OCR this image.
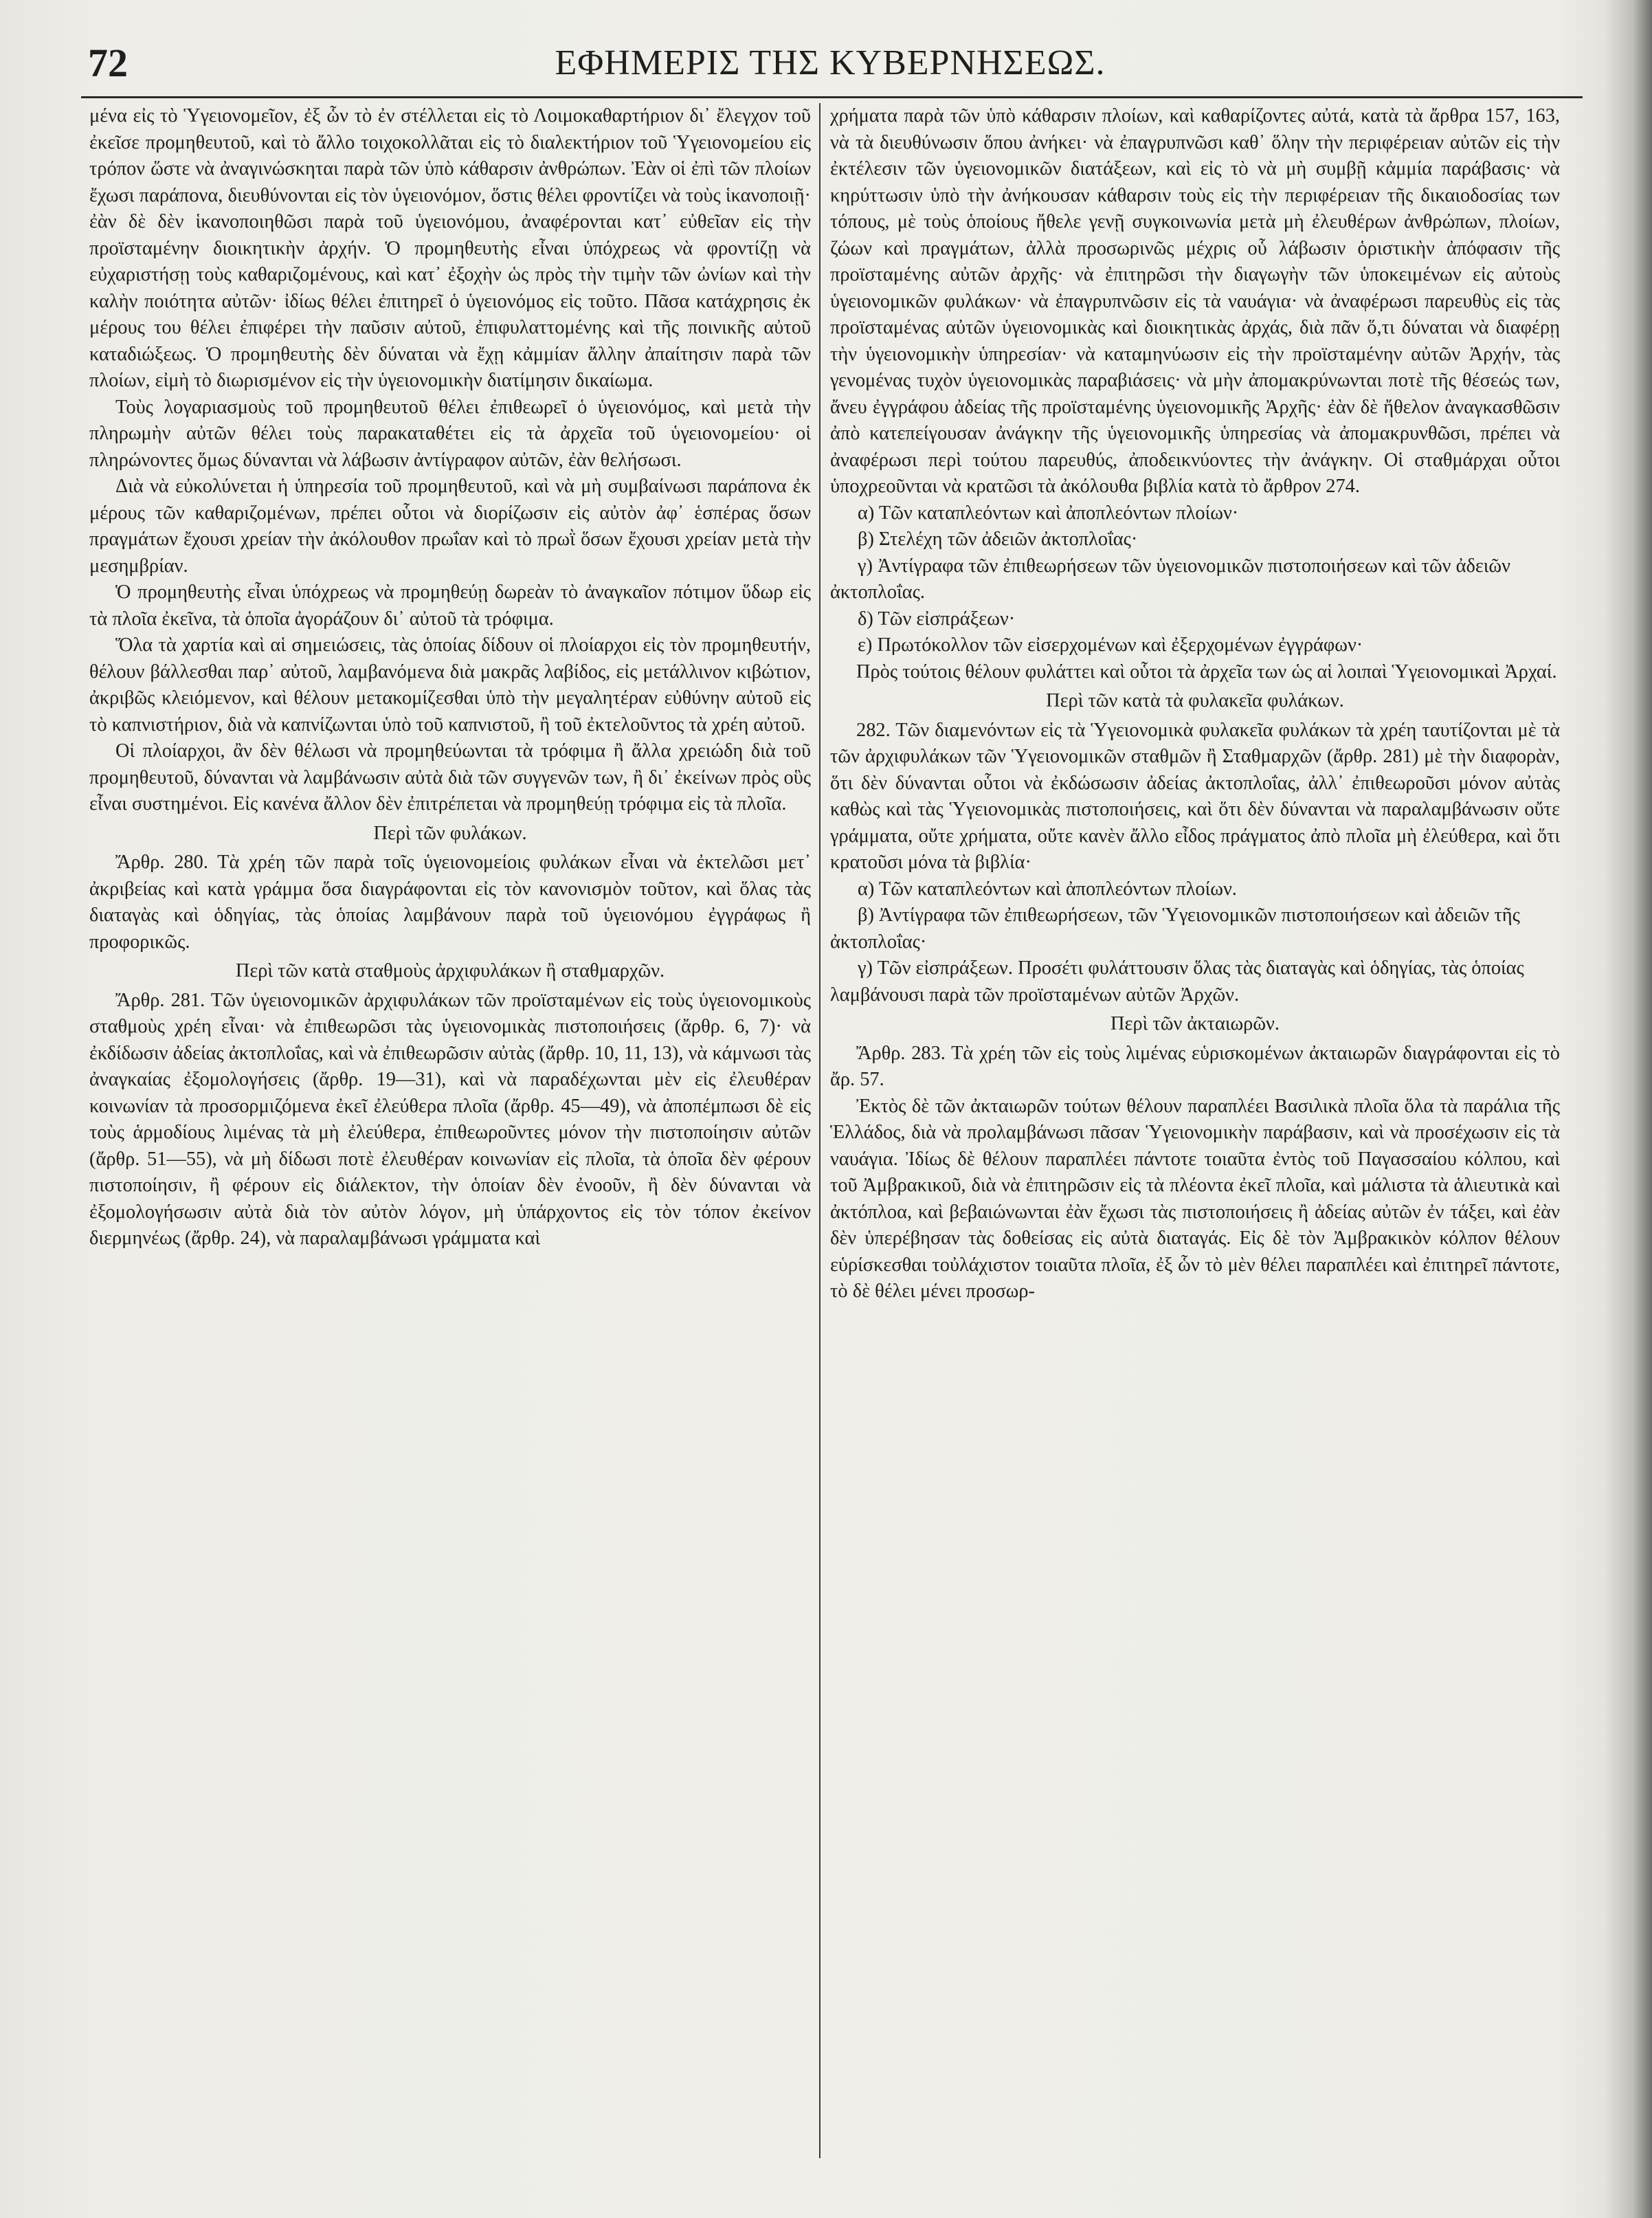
72	ΕΦΗΜΕΡΙΣ ΤΗΣ ΚΥΒΕΡΝΗΣΕΩΣ.

μένα εἰς τὸ Ὑγειονομεῖον, ἐξ ὧν τὸ ἐν στέλλεται εἰς τὸ Λοιμοκαθαρτήριον δι᾽ ἔλεγχον τοῦ ἐκεῖσε προμηθευτοῦ, καὶ τὸ ἄλλο τοιχοκολλᾶται εἰς τὸ διαλεκτήριον τοῦ Ὑγειονομείου εἰς τρόπον ὥστε νὰ ἀναγινώσκηται παρὰ τῶν ὑπὸ κάθαρσιν ἀνθρώπων. Ἐὰν οἱ ἐπὶ τῶν πλοίων ἔχωσι παράπονα, διευθύνονται εἰς τὸν ὑγειονόμον, ὅστις θέλει φροντίζει νὰ τοὺς ἱκανοποιῇ· ἐὰν δὲ δὲν ἱκανοποιηθῶσι παρὰ τοῦ ὑγειονόμου, ἀναφέρονται κατ᾽ εὐθεῖαν εἰς τὴν προϊσταμένην διοικητικὴν ἀρχήν. Ὁ προμηθευτὴς εἶναι ὑπόχρεως νὰ φροντίζῃ νὰ εὐχαριστήσῃ τοὺς καθαριζομένους, καὶ κατ᾽ ἐξοχὴν ὡς πρὸς τὴν τιμὴν τῶν ὠνίων καὶ τὴν καλὴν ποιότητα αὐτῶν· ἰδίως θέλει ἐπιτηρεῖ ὁ ὑγειονόμος εἰς τοῦτο. Πᾶσα κατάχρησις ἐκ μέρους του θέλει ἐπιφέρει τὴν παῦσιν αὐτοῦ, ἐπιφυλαττομένης καὶ τῆς ποινικῆς αὐτοῦ καταδιώξεως. Ὁ προμηθευτὴς δὲν δύναται νὰ ἔχῃ κἀμμίαν ἄλλην ἀπαίτησιν παρὰ τῶν πλοίων, εἰμὴ τὸ διωρισμένον εἰς τὴν ὑγειονομικὴν διατίμησιν δικαίωμα.

Τοὺς λογαριασμοὺς τοῦ προμηθευτοῦ θέλει ἐπιθεωρεῖ ὁ ὑγειονόμος, καὶ μετὰ τὴν πληρωμὴν αὐτῶν θέλει τοὺς παρακαταθέτει εἰς τὰ ἀρχεῖα τοῦ ὑγειονομείου· οἱ πληρώνοντες ὅμως δύνανται νὰ λάβωσιν ἀντίγραφον αὐτῶν, ἐὰν θελήσωσι.

Διὰ νὰ εὐκολύνεται ἡ ὑπηρεσία τοῦ προμηθευτοῦ, καὶ νὰ μὴ συμβαίνωσι παράπονα ἐκ μέρους τῶν καθαριζομένων, πρέπει οὗτοι νὰ διορίζωσιν εἰς αὐτὸν ἀφ᾽ ἑσπέρας ὅσων πραγμάτων ἔχουσι χρείαν τὴν ἀκόλουθον πρωΐαν καὶ τὸ πρωῒ ὅσων ἔχουσι χρείαν μετὰ τὴν μεσημβρίαν.

Ὁ προμηθευτὴς εἶναι ὑπόχρεως νὰ προμηθεύῃ δωρεὰν τὸ ἀναγκαῖον πότιμον ὕδωρ εἰς τὰ πλοῖα ἐκεῖνα, τὰ ὁποῖα ἀγοράζουν δι᾽ αὐτοῦ τὰ τρόφιμα.

Ὅλα τὰ χαρτία καὶ αἱ σημειώσεις, τὰς ὁποίας δίδουν οἱ πλοίαρχοι εἰς τὸν προμηθευτήν, θέλουν βάλλεσθαι παρ᾽ αὐτοῦ, λαμβανόμενα διὰ μακρᾶς λαβίδος, εἰς μετάλλινον κιβώτιον, ἀκριβῶς κλειόμενον, καὶ θέλουν μετακομίζεσθαι ὑπὸ τὴν μεγαλητέραν εὐθύνην αὐτοῦ εἰς τὸ καπνιστήριον, διὰ νὰ καπνίζωνται ὑπὸ τοῦ καπνιστοῦ, ἢ τοῦ ἐκτελοῦντος τὰ χρέη αὐτοῦ.

Οἱ πλοίαρχοι, ἂν δὲν θέλωσι νὰ προμηθεύωνται τὰ τρόφιμα ἢ ἄλλα χρειώδη διὰ τοῦ προμηθευτοῦ, δύνανται νὰ λαμβάνωσιν αὐτὰ διὰ τῶν συγγενῶν των, ἢ δι᾽ ἐκείνων πρὸς οὓς εἶναι συστημένοι. Εἰς κανένα ἄλλον δὲν ἐπιτρέπεται νὰ προμηθεύῃ τρόφιμα εἰς τὰ πλοῖα.

Περὶ τῶν φυλάκων.

Ἄρθρ. 280. Τὰ χρέη τῶν παρὰ τοῖς ὑγειονομείοις φυλάκων εἶναι νὰ ἐκτελῶσι μετ᾽ ἀκριβείας καὶ κατὰ γράμμα ὅσα διαγράφονται εἰς τὸν κανονισμὸν τοῦτον, καὶ ὅλας τὰς διαταγὰς καὶ ὁδηγίας, τὰς ὁποίας λαμβάνουν παρὰ τοῦ ὑγειονόμου ἐγγράφως ἢ προφορικῶς.

Περὶ τῶν κατὰ σταθμοὺς ἀρχιφυλάκων ἢ σταθμαρχῶν.

Ἄρθρ. 281. Τῶν ὑγειονομικῶν ἀρχιφυλάκων τῶν προϊσταμένων εἰς τοὺς ὑγειονομικοὺς σταθμοὺς χρέη εἶναι· νὰ ἐπιθεωρῶσι τὰς ὑγειονομικὰς πιστοποιήσεις (ἄρθρ. 6, 7)· νὰ ἐκδίδωσιν ἀδείας ἀκτοπλοΐας, καὶ νὰ ἐπιθεωρῶσιν αὐτὰς (ἄρθρ. 10, 11, 13), νὰ κάμνωσι τὰς ἀναγκαίας ἐξομολογήσεις (ἄρθρ. 19—31), καὶ νὰ παραδέχωνται μὲν εἰς ἐλευθέραν κοινωνίαν τὰ προσορμιζόμενα ἐκεῖ ἐλεύθερα πλοῖα (ἄρθρ. 45—49), νὰ ἀποπέμπωσι δὲ εἰς τοὺς ἁρμοδίους λιμένας τὰ μὴ ἐλεύθερα, ἐπιθεωροῦντες μόνον τὴν πιστοποίησιν αὐτῶν (ἄρθρ. 51—55), νὰ μὴ δίδωσι ποτὲ ἐλευθέραν κοινωνίαν εἰς πλοῖα, τὰ ὁποῖα δὲν φέρουν πιστοποίησιν, ἢ φέρουν εἰς διάλεκτον, τὴν ὁποίαν δὲν ἐνοοῦν, ἢ δὲν δύνανται νὰ ἐξομολογήσωσιν αὐτὰ διὰ τὸν αὐτὸν λόγον, μὴ ὑπάρχοντος εἰς τὸν τόπον ἐκείνον διερμηνέως (ἄρθρ. 24), νὰ παραλαμβάνωσι γράμματα καὶ

χρήματα παρὰ τῶν ὑπὸ κάθαρσιν πλοίων, καὶ καθαρίζοντες αὐτά, κατὰ τὰ ἄρθρα 157, 163, νὰ τὰ διευθύνωσιν ὅπου ἀνήκει· νὰ ἐπαγρυπνῶσι καθ᾽ ὅλην τὴν περιφέρειαν αὐτῶν εἰς τὴν ἐκτέλεσιν τῶν ὑγειονομικῶν διατάξεων, καὶ εἰς τὸ νὰ μὴ συμβῇ κἀμμία παράβασις· νὰ κηρύττωσιν ὑπὸ τὴν ἀνήκουσαν κάθαρσιν τοὺς εἰς τὴν περιφέρειαν τῆς δικαιοδοσίας των τόπους, μὲ τοὺς ὁποίους ἤθελε γενῇ συγκοινωνία μετὰ μὴ ἐλευθέρων ἀνθρώπων, πλοίων, ζώων καὶ πραγμάτων, ἀλλὰ προσωρινῶς μέχρις οὗ λάβωσιν ὁριστικὴν ἀπόφασιν τῆς προϊσταμένης αὐτῶν ἀρχῆς· νὰ ἐπιτηρῶσι τὴν διαγωγὴν τῶν ὑποκειμένων εἰς αὐτοὺς ὑγειονομικῶν φυλάκων· νὰ ἐπαγρυπνῶσιν εἰς τὰ ναυάγια· νὰ ἀναφέρωσι παρευθὺς εἰς τὰς προϊσταμένας αὐτῶν ὑγειονομικὰς καὶ διοικητικὰς ἀρχάς, διὰ πᾶν ὅ,τι δύναται νὰ διαφέρῃ τὴν ὑγειονομικὴν ὑπηρεσίαν· νὰ καταμηνύωσιν εἰς τὴν προϊσταμένην αὐτῶν Ἀρχήν, τὰς γενομένας τυχὸν ὑγειονομικὰς παραβιάσεις· νὰ μὴν ἀπομακρύνωνται ποτὲ τῆς θέσεώς των, ἄνευ ἐγγράφου ἀδείας τῆς προϊσταμένης ὑγειονομικῆς Ἀρχῆς· ἐὰν δὲ ἤθελον ἀναγκασθῶσιν ἀπὸ κατεπείγουσαν ἀνάγκην τῆς ὑγειονομικῆς ὑπηρεσίας νὰ ἀπομακρυνθῶσι, πρέπει νὰ ἀναφέρωσι περὶ τούτου παρευθύς, ἀποδεικνύοντες τὴν ἀνάγκην. Οἱ σταθμάρχαι οὗτοι ὑποχρεοῦνται νὰ κρατῶσι τὰ ἀκόλουθα βιβλία κατὰ τὸ ἄρθρον 274.

α) Τῶν καταπλεόντων καὶ ἀποπλεόντων πλοίων·

β) Στελέχη τῶν ἀδειῶν ἀκτοπλοΐας·

γ) Ἀντίγραφα τῶν ἐπιθεωρήσεων τῶν ὑγειονομικῶν πιστοποιήσεων καὶ τῶν ἀδειῶν ἀκτοπλοΐας.

δ) Τῶν εἰσπράξεων·

ε) Πρωτόκολλον τῶν εἰσερχομένων καὶ ἐξερχομένων ἐγγράφων·

Πρὸς τούτοις θέλουν φυλάττει καὶ οὗτοι τὰ ἀρχεῖα των ὡς αἱ λοιπαὶ Ὑγειονομικαὶ Ἀρχαί.

Περὶ τῶν κατὰ τὰ φυλακεῖα φυλάκων.

282. Τῶν διαμενόντων εἰς τὰ Ὑγειονομικὰ φυλακεῖα φυλάκων τὰ χρέη ταυτίζονται μὲ τὰ τῶν ἀρχιφυλάκων τῶν Ὑγειονομικῶν σταθμῶν ἢ Σταθμαρχῶν (ἄρθρ. 281) μὲ τὴν διαφορὰν, ὅτι δὲν δύνανται οὗτοι νὰ ἐκδώσωσιν ἀδείας ἀκτοπλοΐας, ἀλλ᾽ ἐπιθεωροῦσι μόνον αὐτὰς καθὼς καὶ τὰς Ὑγειονομικὰς πιστοποιήσεις, καὶ ὅτι δὲν δύνανται νὰ παραλαμβάνωσιν οὔτε γράμματα, οὔτε χρήματα, οὔτε κανὲν ἄλλο εἶδος πράγματος ἀπὸ πλοῖα μὴ ἐλεύθερα, καὶ ὅτι κρατοῦσι μόνα τὰ βιβλία·

α) Τῶν καταπλεόντων καὶ ἀποπλεόντων πλοίων.

β) Ἀντίγραφα τῶν ἐπιθεωρήσεων, τῶν Ὑγειονομικῶν πιστοποιήσεων καὶ ἀδειῶν τῆς ἀκτοπλοΐας·

γ) Τῶν εἰσπράξεων. Προσέτι φυλάττουσιν ὅλας τὰς διαταγὰς καὶ ὁδηγίας, τὰς ὁποίας λαμβάνουσι παρὰ τῶν προϊσταμένων αὐτῶν Ἀρχῶν.

Περὶ τῶν ἀκταιωρῶν.

Ἄρθρ. 283. Τὰ χρέη τῶν εἰς τοὺς λιμένας εὑρισκομένων ἀκταιωρῶν διαγράφονται εἰς τὸ ἄρ. 57.

Ἐκτὸς δὲ τῶν ἀκταιωρῶν τούτων θέλουν παραπλέει Βασιλικὰ πλοῖα ὅλα τὰ παράλια τῆς Ἑλλάδος, διὰ νὰ προλαμβάνωσι πᾶσαν Ὑγειονομικὴν παράβασιν, καὶ νὰ προσέχωσιν εἰς τὰ ναυάγια. Ἰδίως δὲ θέλουν παραπλέει πάντοτε τοιαῦτα ἐντὸς τοῦ Παγασσαίου κόλπου, καὶ τοῦ Ἀμβρακικοῦ, διὰ νὰ ἐπιτηρῶσιν εἰς τὰ πλέοντα ἐκεῖ πλοῖα, καὶ μάλιστα τὰ ἁλιευτικὰ καὶ ἀκτόπλοα, καὶ βεβαιώνωνται ἐὰν ἔχωσι τὰς πιστοποιήσεις ἢ ἀδείας αὐτῶν ἐν τάξει, καὶ ἐὰν δὲν ὑπερέβησαν τὰς δοθείσας εἰς αὐτὰ διαταγάς. Εἰς δὲ τὸν Ἀμβρακικὸν κόλπον θέλουν εὑρίσκεσθαι τοὐλάχιστον τοιαῦτα πλοῖα, ἐξ ὧν τὸ μὲν θέλει παραπλέει καὶ ἐπιτηρεῖ πάντοτε, τὸ δὲ θέλει μένει προσωρ-
